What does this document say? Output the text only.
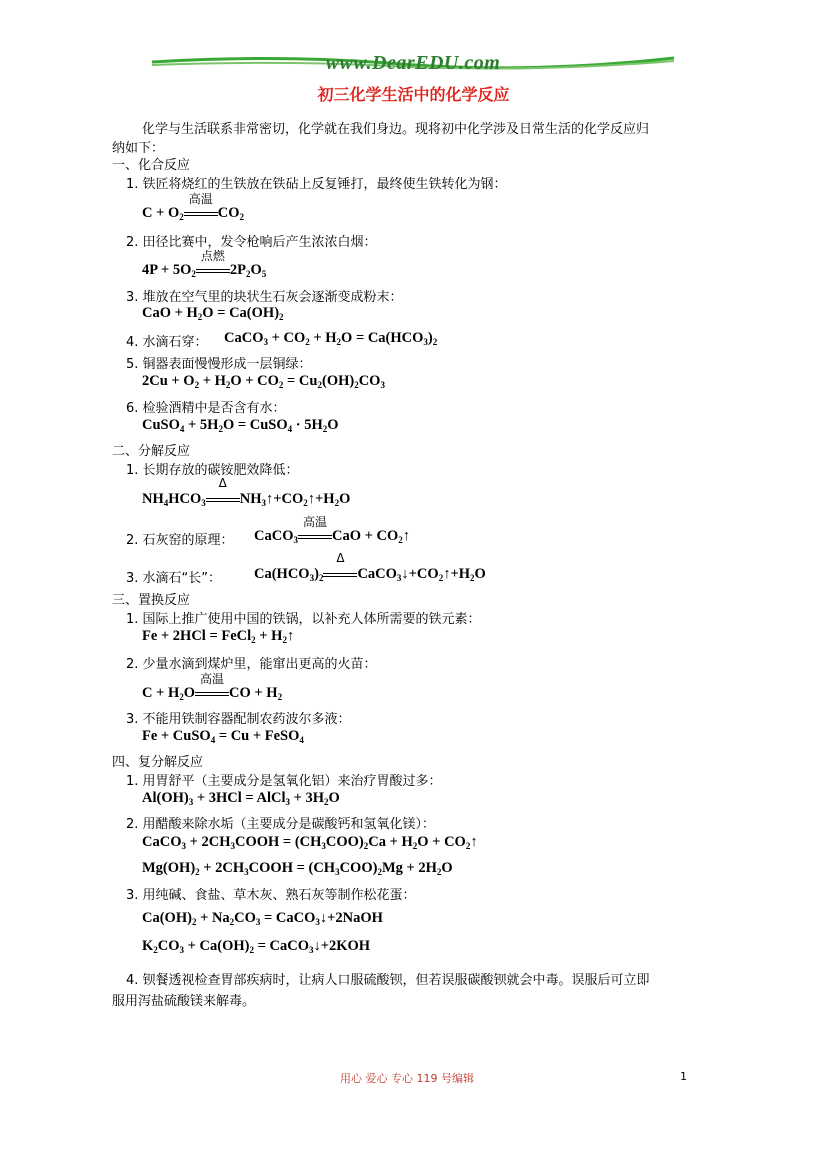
www.DearEDU.com
初三化学生活中的化学反应
化学与生活联系非常密切，化学就在我们身边。现将初中化学涉及日常生活的化学反应归
纳如下：
一、化合反应
1. 铁匠将烧红的生铁放在铁砧上反复锤打，最终使生铁转化为钢：
$C + O_2$
高温
$CO_2$
2. 田径比赛中，发令枪响后产生浓浓白烟：
$4P + 5O_2$
点燃
$2P_2O_5$
3. 堆放在空气里的块状生石灰会逐渐变成粉末：
CaO + $H_2O = Ca(OH)_2$
4. 水滴石穿： CaCO$_3$ + $CO_2 + H_2O = Ca(HCO_3)_2$
5. 铜器表面慢慢形成一层铜绿：
$2Cu + O_2 + H_2O + CO_2 = Cu_2(OH)_2CO_3$
6. 检验酒精中是否含有水：
CuSO$_4$ + $5H_2O$ = CuSO$_4$ · $5H_2O$
二、分解反应
1. 长期存放的碳铵肥效降低：
$NH_4HCO_3$
Δ
$NH_3↑+CO_2↑+H_2O$
2. 石灰窑的原理： CaCO$_3$
高温
CaO + $CO_2↑$
3. 水滴石“长”： $Ca(HCO_3)_2$
Δ
$CaCO_3↓+CO_2↑+H_2O$
三、置换反应
1. 国际上推广使用中国的铁锅，以补充人体所需要的铁元素：
Fe + 2HCl = FeCl$_2$ + $H_2↑$
2. 少量水滴到煤炉里，能窜出更高的火苗：
$C + H_2O$
高温
CO + $H_2$
3. 不能用铁制容器配制农药波尔多液：
Fe + CuSO$_4$ = Cu + FeSO$_4$
四、复分解反应
1. 用胃舒平（主要成分是氢氧化铝）来治疗胃酸过多：
$Al(OH)_3 + 3HCl$ = AlCl$_3$ + $3H_2O$
2. 用醋酸来除水垢（主要成分是碳酸钙和氢氧化镁）：
CaCO$_3$ + $2CH_3COOH = (CH_3COO)_2Ca + H_2O$ + $CO_2↑$
$Mg(OH)_2$ + $2CH_3COOH = (CH_3COO)_2Mg + 2H_2O$
3. 用纯碱、食盐、草木灰、熟石灰等制作松花蛋：
$Ca(OH)_2 + Na_2CO_3$ = CaCO$_3$↓+2NaOH
$K_2CO_3 + Ca(OH)_2$ = CaCO$_3$↓+2KOH
4. 钡餐透视检查胃部疾病时，让病人口服硫酸钡，但若误服碳酸钡就会中毒。误服后可立即
服用泻盐硫酸镁来解毒。
用心 爱心 专心 119 号编辑	1
